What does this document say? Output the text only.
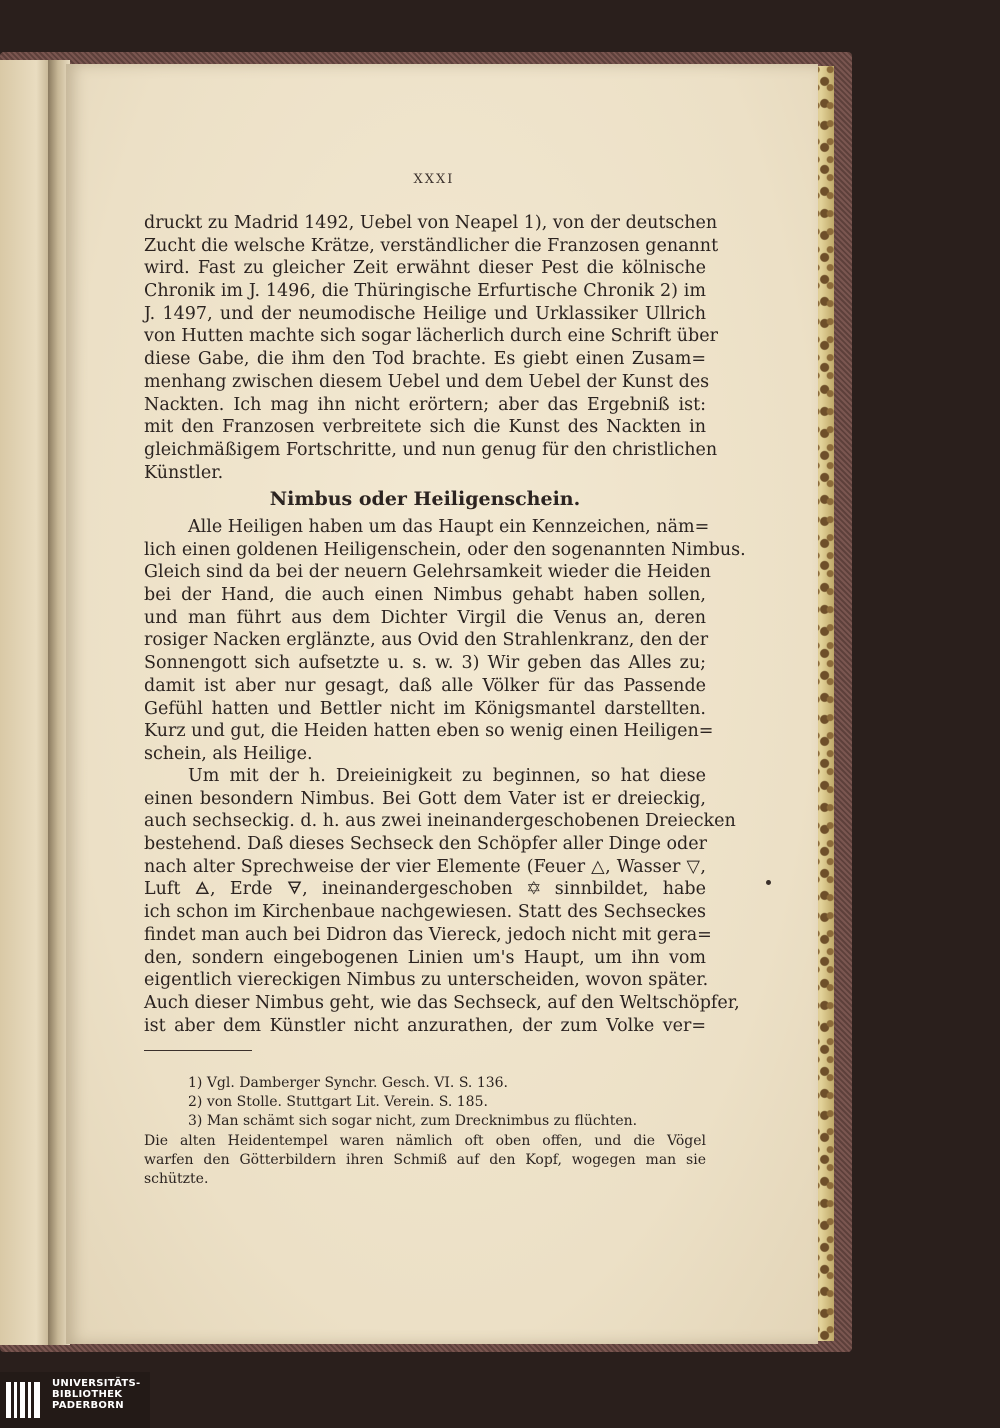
XXXI
druckt zu Madrid 1492, Uebel von Neapel 1), von der deutschen
Zucht die welsche Krätze, verständlicher die Franzosen genannt
wird. Fast zu gleicher Zeit erwähnt dieser Pest die kölnische
Chronik im J. 1496, die Thüringische Erfurtische Chronik 2) im
J. 1497, und der neumodische Heilige und Urklassiker Ullrich
von Hutten machte sich sogar lächerlich durch eine Schrift über
diese Gabe, die ihm den Tod brachte. Es giebt einen Zusam=
menhang zwischen diesem Uebel und dem Uebel der Kunst des
Nackten. Ich mag ihn nicht erörtern; aber das Ergebniß ist:
mit den Franzosen verbreitete sich die Kunst des Nackten in
gleichmäßigem Fortschritte, und nun genug für den christlichen
Künstler.
Nimbus oder Heiligenschein.
Alle Heiligen haben um das Haupt ein Kennzeichen, näm=
lich einen goldenen Heiligenschein, oder den sogenannten Nimbus.
Gleich sind da bei der neuern Gelehrsamkeit wieder die Heiden
bei der Hand, die auch einen Nimbus gehabt haben sollen,
und man führt aus dem Dichter Virgil die Venus an, deren
rosiger Nacken erglänzte, aus Ovid den Strahlenkranz, den der
Sonnengott sich aufsetzte u. s. w. 3) Wir geben das Alles zu;
damit ist aber nur gesagt, daß alle Völker für das Passende
Gefühl hatten und Bettler nicht im Königsmantel darstellten.
Kurz und gut, die Heiden hatten eben so wenig einen Heiligen=
schein, als Heilige.
Um mit der h. Dreieinigkeit zu beginnen, so hat diese
einen besondern Nimbus. Bei Gott dem Vater ist er dreieckig,
auch sechseckig. d. h. aus zwei ineinandergeschobenen Dreiecken
bestehend. Daß dieses Sechseck den Schöpfer aller Dinge oder
nach alter Sprechweise der vier Elemente (Feuer △, Wasser ▽,
Luft 🜁, Erde 🜃, ineinandergeschoben ✡ sinnbildet, habe
ich schon im Kirchenbaue nachgewiesen. Statt des Sechseckes
findet man auch bei Didron das Viereck, jedoch nicht mit gera=
den, sondern eingebogenen Linien um's Haupt, um ihn vom
eigentlich viereckigen Nimbus zu unterscheiden, wovon später.
Auch dieser Nimbus geht, wie das Sechseck, auf den Weltschöpfer,
ist aber dem Künstler nicht anzurathen, der zum Volke ver=
1) Vgl. Damberger Synchr. Gesch. VI. S. 136.
2) von Stolle. Stuttgart Lit. Verein. S. 185.
3) Man schämt sich sogar nicht, zum Drecknimbus zu flüchten.
Die alten Heidentempel waren nämlich oft oben offen, und die Vögel
warfen den Götterbildern ihren Schmiß auf den Kopf, wogegen man sie
schützte.
UNIVERSITÄTS-
BIBLIOTHEK
PADERBORN
